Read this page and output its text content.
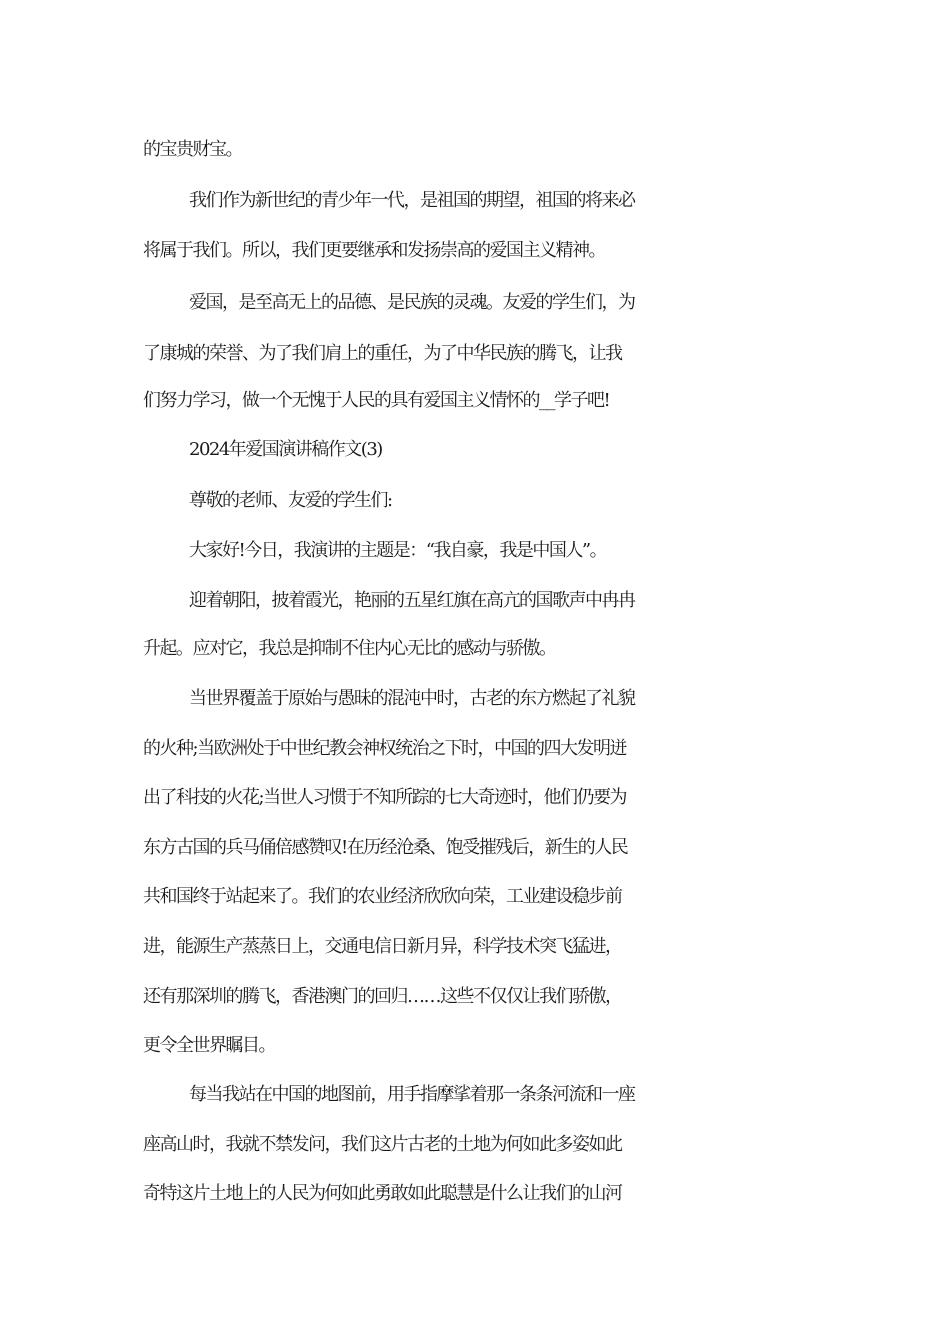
的宝贵财宝。
我们作为新世纪的青少年一代，是祖国的期望，祖国的将来必
将属于我们。所以，我们更要继承和发扬崇高的爱国主义精神。
爱国，是至高无上的品德、是民族的灵魂。友爱的学生们，为
了康城的荣誉、为了我们肩上的重任，为了中华民族的腾飞，让我
们努力学习，做一个无愧于人民的具有爱国主义情怀的__学子吧!
2024年爱国演讲稿作文(3)
尊敬的老师、友爱的学生们:
大家好!今日，我演讲的主题是：“我自豪，我是中国人”。
迎着朝阳，披着霞光，艳丽的五星红旗在高亢的国歌声中冉冉
升起。应对它，我总是抑制不住内心无比的感动与骄傲。
当世界覆盖于原始与愚昧的混沌中时，古老的东方燃起了礼貌
的火种;当欧洲处于中世纪教会神权统治之下时，中国的四大发明迸
出了科技的火花;当世人习惯于不知所踪的七大奇迹时，他们仍要为
东方古国的兵马俑倍感赞叹!在历经沧桑、饱受摧残后，新生的人民
共和国终于站起来了。我们的农业经济欣欣向荣，工业建设稳步前
进，能源生产蒸蒸日上，交通电信日新月异，科学技术突飞猛进，
还有那深圳的腾飞，香港澳门的回归……这些不仅仅让我们骄傲，
更令全世界瞩目。
每当我站在中国的地图前，用手指摩挲着那一条条河流和一座
座高山时，我就不禁发问，我们这片古老的土地为何如此多姿如此
奇特这片土地上的人民为何如此勇敢如此聪慧是什么让我们的山河
